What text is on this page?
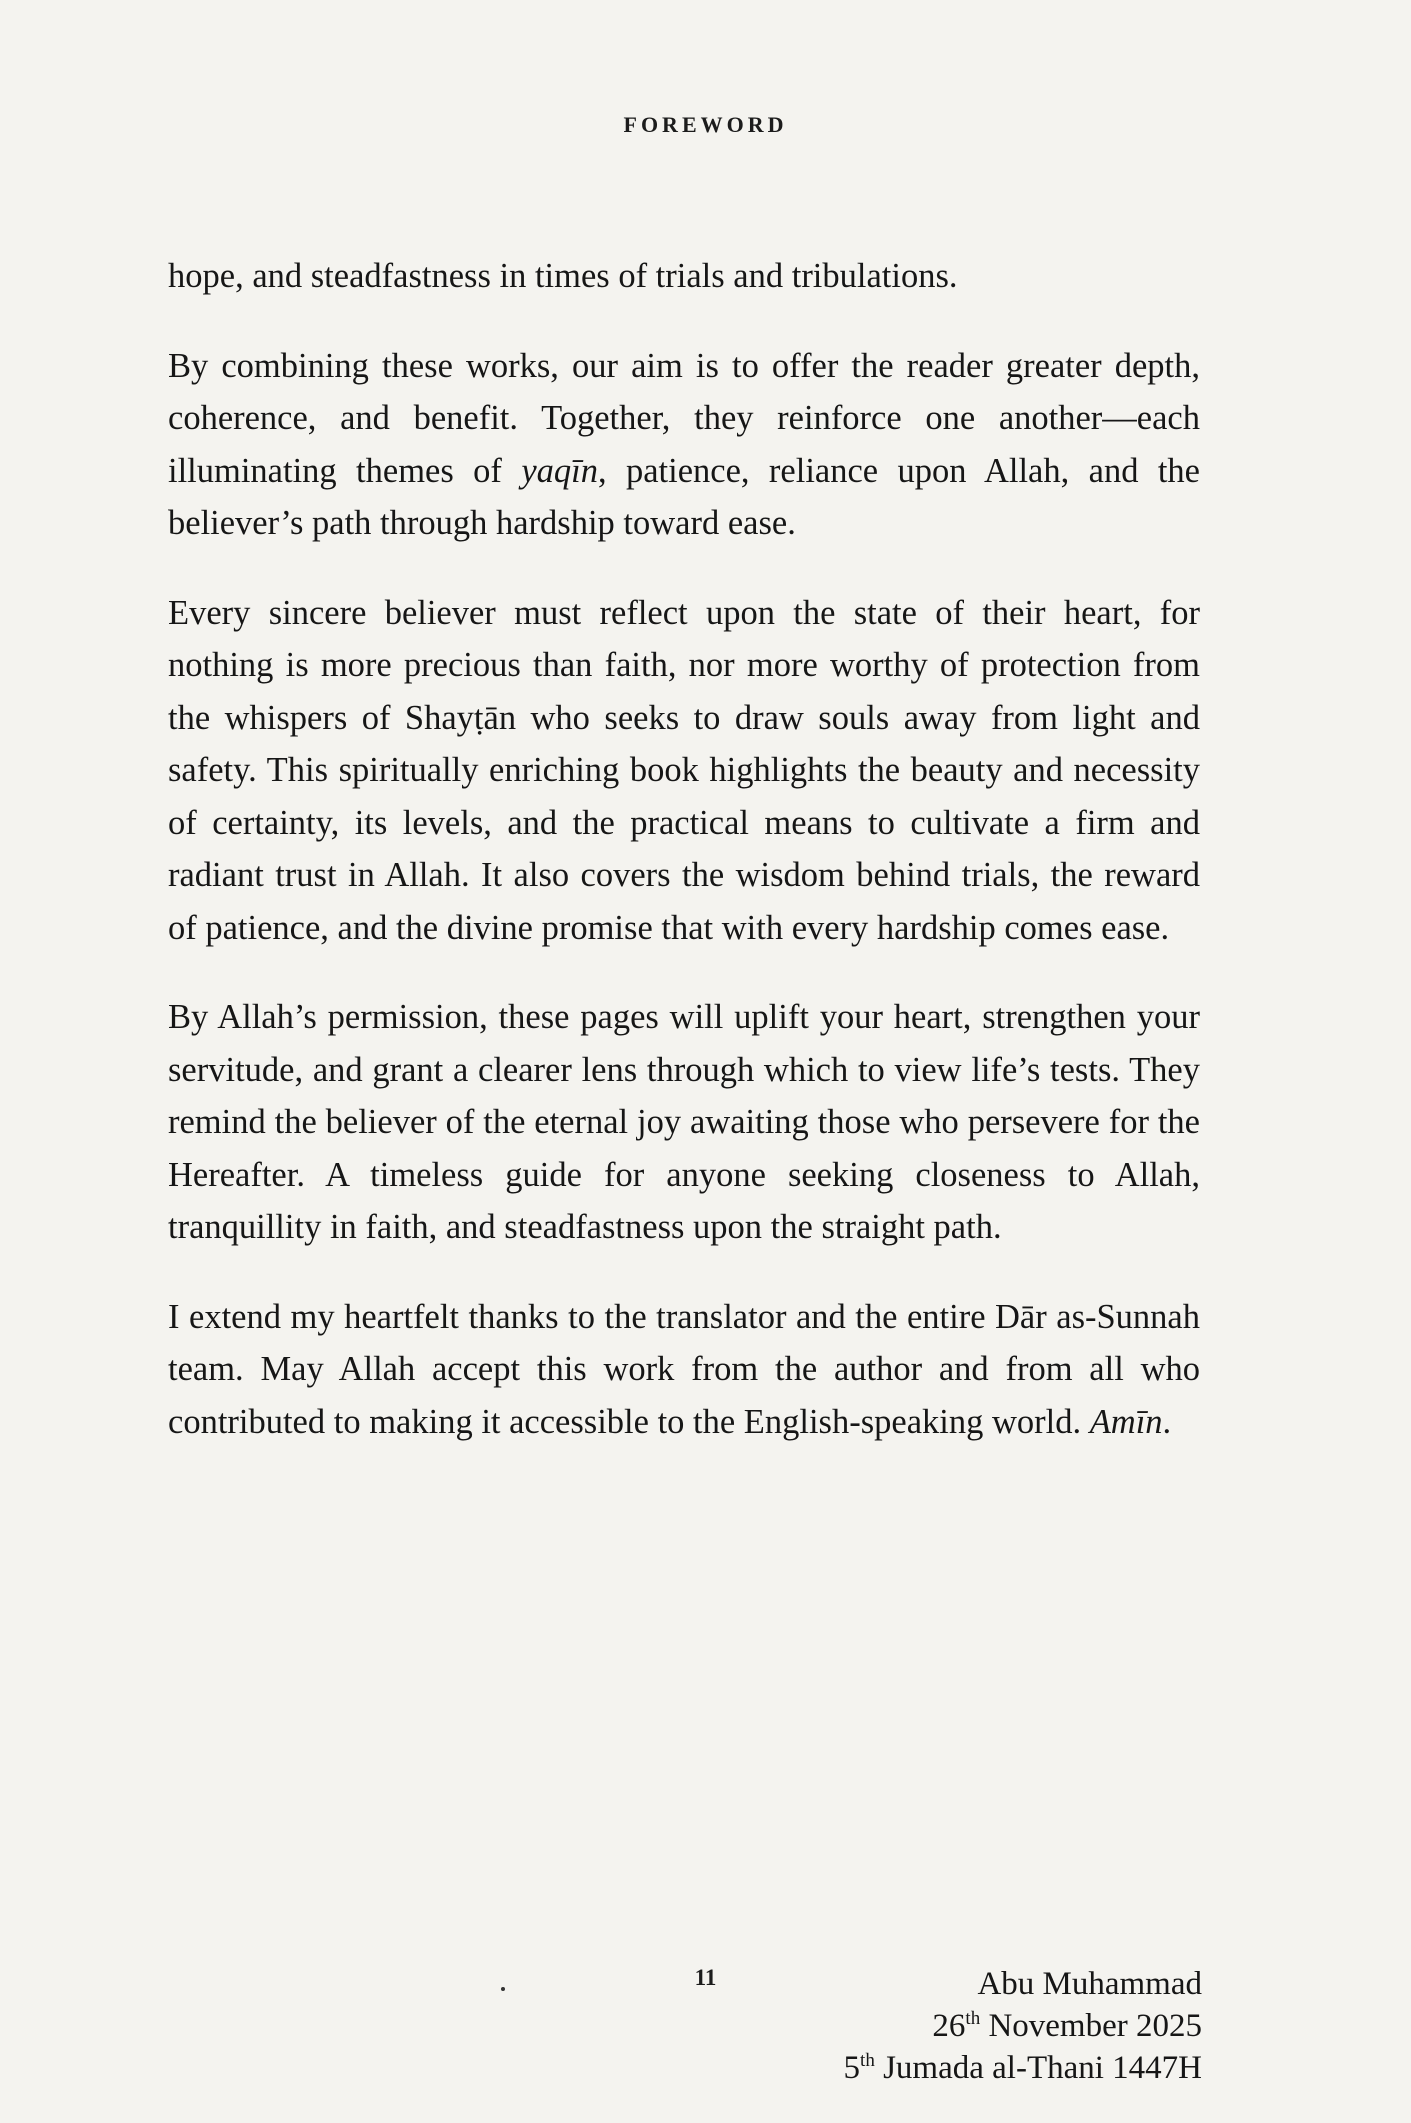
FOREWORD

hope, and steadfastness in times of trials and tribulations.

By combining these works, our aim is to offer the reader greater depth, coherence, and benefit. Together, they reinforce one another—each illuminating themes of yaqīn, patience, reliance upon Allah, and the believer’s path through hardship toward ease.

Every sincere believer must reflect upon the state of their heart, for nothing is more precious than faith, nor more worthy of protection from the whispers of Shayṭān who seeks to draw souls away from light and safety. This spiritually enriching book highlights the beauty and necessity of certainty, its levels, and the practical means to cultivate a firm and radiant trust in Allah. It also covers the wisdom behind trials, the reward of patience, and the divine promise that with every hardship comes ease.

By Allah’s permission, these pages will uplift your heart, strengthen your servitude, and grant a clearer lens through which to view life’s tests. They remind the believer of the eternal joy awaiting those who persevere for the Hereafter. A timeless guide for anyone seeking closeness to Allah, tranquillity in faith, and steadfastness upon the straight path.

I extend my heartfelt thanks to the translator and the entire Dār as-Sunnah team. May Allah accept this work from the author and from all who contributed to making it accessible to the English-speaking world. Amīn.

Abu Muhammad
26th November 2025
5th Jumada al-Thani 1447H
11
